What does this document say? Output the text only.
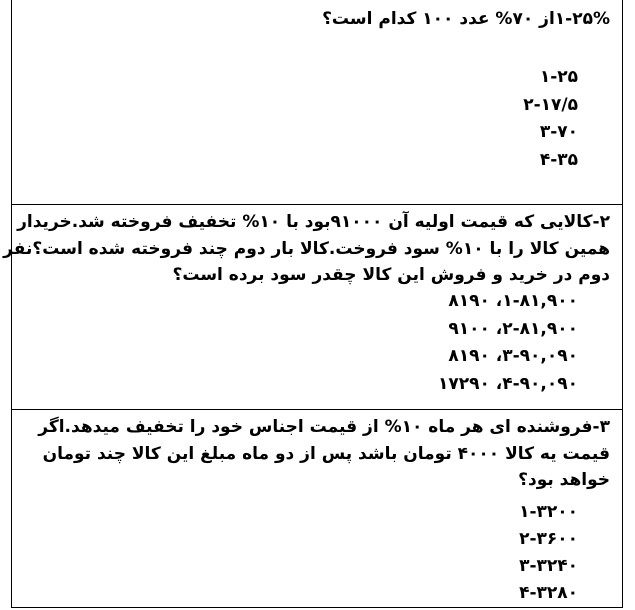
۱-۲۵%از ۷۰% عدد ۱۰۰ کدام است؟
۱-۲۵
۲-۱۷/۵
۳-۷۰
۴-۳۵
۲-کالایی که قیمت اولیه آن ۹۱۰۰۰بود با ۱۰% تخفیف فروخته شد.خریدار
همین کالا را با ۱۰% سود فروخت.کالا بار دوم چند فروخته شده است؟نفر
دوم در خرید و فروش این کالا چقدر سود برده است؟
۱-۸۱,۹۰۰، ۸۱۹۰
۲-۸۱,۹۰۰، ۹۱۰۰
۳-۹۰,۰۹۰، ۸۱۹۰
۴-۹۰,۰۹۰، ۱۷۲۹۰
۳-فروشنده ای هر ماه ۱۰% از قیمت اجناس خود را تخفیف میدهد.اگر
قیمت یه کالا ۴۰۰۰ تومان باشد پس از دو ماه مبلغ این کالا چند تومان
خواهد بود؟
۱-۳۲۰۰
۲-۳۶۰۰
۳-۳۲۴۰
۴-۳۲۸۰
